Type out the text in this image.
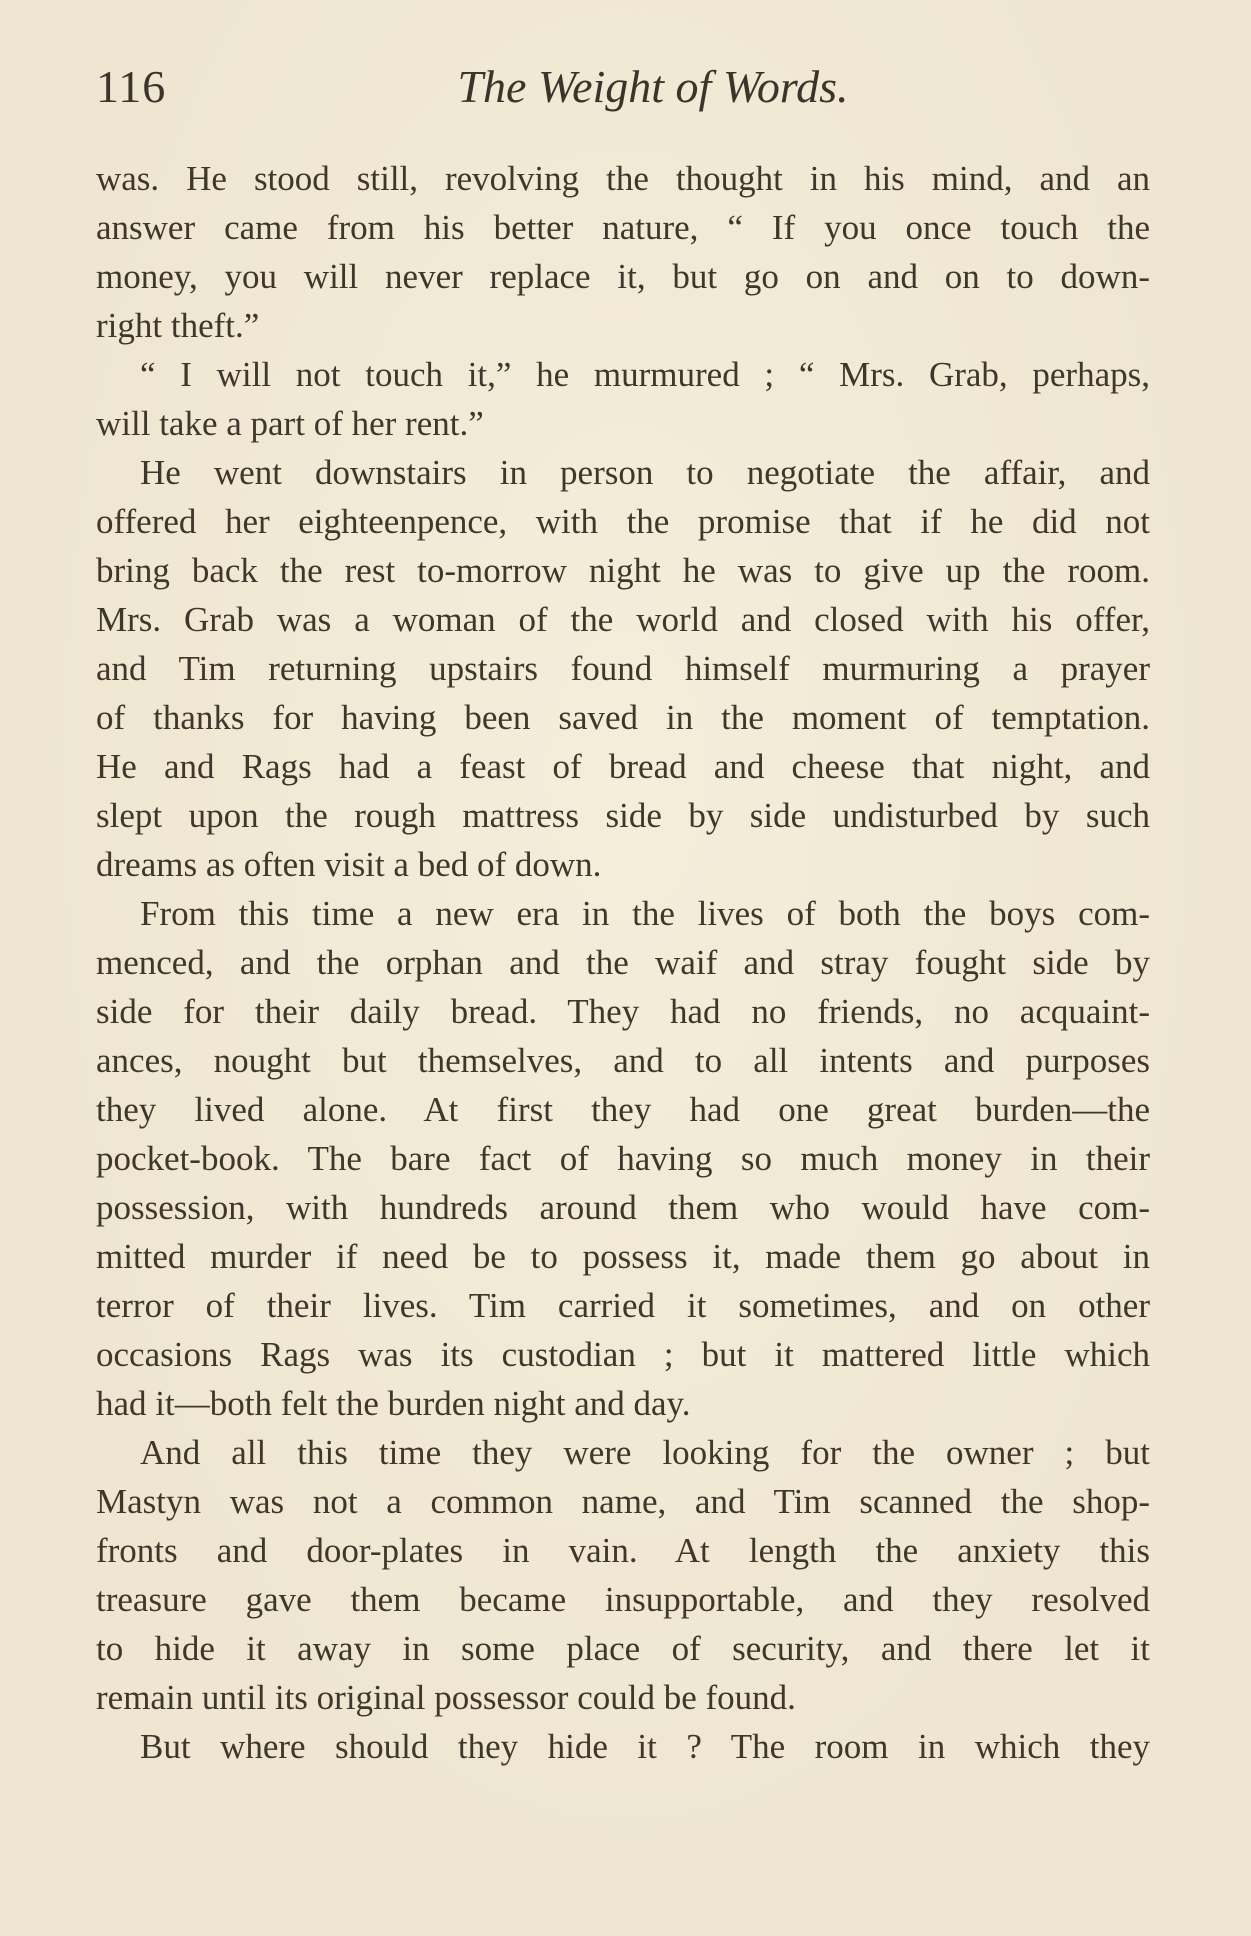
116	The Weight of Words.
was. He stood still, revolving the thought in his mind, and an
answer came from his better nature, “ If you once touch the
money, you will never replace it, but go on and on to down-
right theft.”
“ I will not touch it,” he murmured ; “ Mrs. Grab, perhaps,
will take a part of her rent.”
He went downstairs in person to negotiate the affair, and
offered her eighteenpence, with the promise that if he did not
bring back the rest to-morrow night he was to give up the room.
Mrs. Grab was a woman of the world and closed with his offer,
and Tim returning upstairs found himself murmuring a prayer
of thanks for having been saved in the moment of temptation.
He and Rags had a feast of bread and cheese that night, and
slept upon the rough mattress side by side undisturbed by such
dreams as often visit a bed of down.
From this time a new era in the lives of both the boys com-
menced, and the orphan and the waif and stray fought side by
side for their daily bread. They had no friends, no acquaint-
ances, nought but themselves, and to all intents and purposes
they lived alone. At first they had one great burden—the
pocket-book. The bare fact of having so much money in their
possession, with hundreds around them who would have com-
mitted murder if need be to possess it, made them go about in
terror of their lives. Tim carried it sometimes, and on other
occasions Rags was its custodian ; but it mattered little which
had it—both felt the burden night and day.
And all this time they were looking for the owner ; but
Mastyn was not a common name, and Tim scanned the shop-
fronts and door-plates in vain. At length the anxiety this
treasure gave them became insupportable, and they resolved
to hide it away in some place of security, and there let it
remain until its original possessor could be found.
But where should they hide it ? The room in which they
